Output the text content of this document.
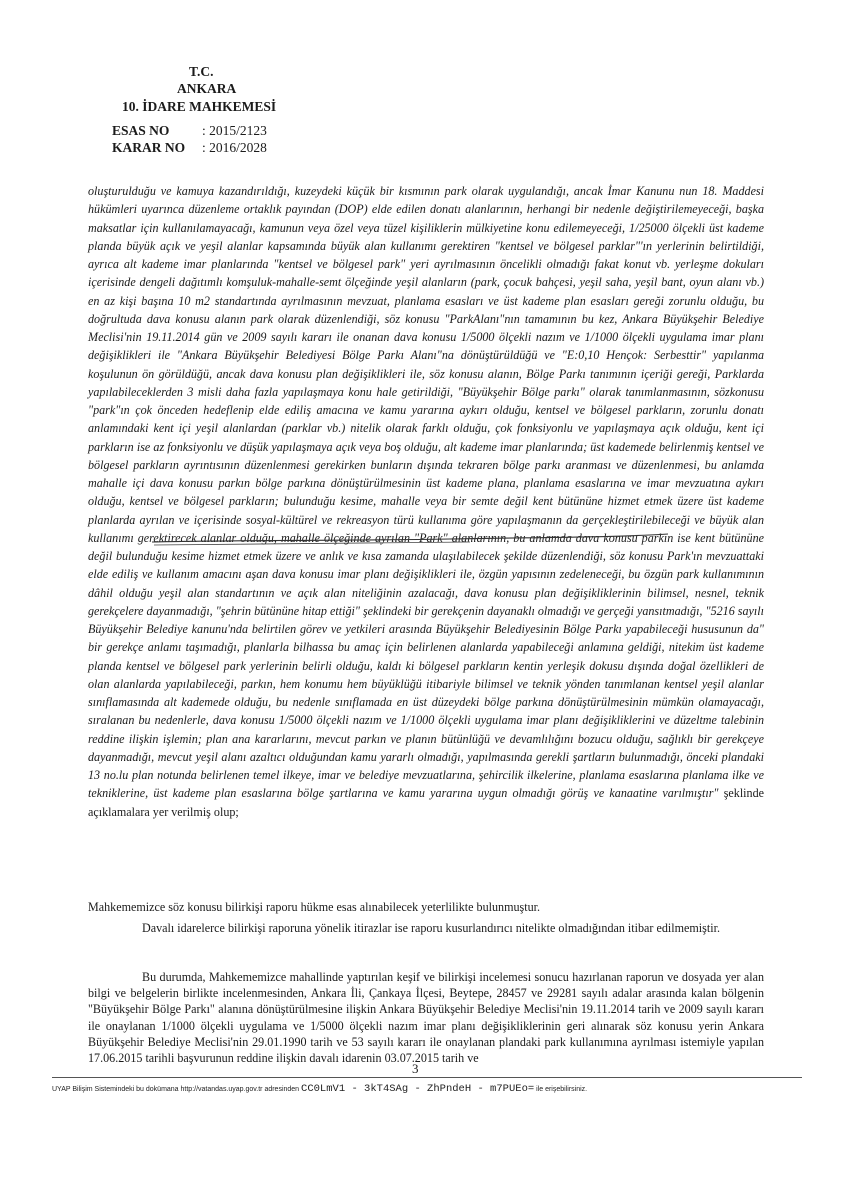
T.C.
ANKARA
10. İDARE MAHKEMESİ
ESAS NO : 2015/2123
KARAR NO : 2016/2028
oluşturulduğu ve kamuya kazandırıldığı, kuzeydeki küçük bir kısmının park olarak uygulandığı, ancak İmar Kanunu nun 18. Maddesi hükümleri uyarınca düzenleme ortaklık payından (DOP) elde edilen donatı alanlarının, herhangi bir nedenle değiştirilemeyeceği, başka maksatlar için kullanılamayacağı, kamunun veya özel veya tüzel kişiliklerin mülkiyetine konu edilemeyeceği, 1/25000 ölçekli üst kademe planda büyük açık ve yeşil alanlar kapsamında büyük alan kullanımı gerektiren "kentsel ve bölgesel parklar"'ın yerlerinin belirtildiği, ayrıca alt kademe imar planlarında "kentsel ve bölgesel park" yeri ayrılmasının öncelikli olmadığı fakat konut vb. yerleşme dokuları içerisinde dengeli dağıtımlı komşuluk-mahalle-semt ölçeğinde yeşil alanların (park, çocuk bahçesi, yeşil saha, yeşil bant, oyun alanı vb.) en az kişi başına 10 m2 standartında ayrılmasının mevzuat, planlama esasları ve üst kademe plan esasları gereği zorunlu olduğu, bu doğrultuda dava konusu alanın park olarak düzenlendiği, söz konusu "ParkAlanı"nın tamamının bu kez, Ankara Büyükşehir Belediye Meclisi'nin 19.11.2014 gün ve 2009 sayılı kararı ile onanan dava konusu 1/5000 ölçekli nazım ve 1/1000 ölçekli uygulama imar planı değişiklikleri ile "Ankara Büyükşehir Belediyesi Bölge Parkı Alanı"na dönüştürüldüğü ve "E:0,10 Hençok: Serbesttir" yapılanma koşulunun ön görüldüğü, ancak dava konusu plan değişiklikleri ile, söz konusu alanın, Bölge Parkı tanımının içeriği gereği, Parklarda yapılabileceklerden 3 misli daha fazla yapılaşmaya konu hale getirildiği, "Büyükşehir Bölge parkı" olarak tanımlanmasının, sözkonusu "park"ın çok önceden hedeflenip elde ediliş amacına ve kamu yararına aykırı olduğu, kentsel ve bölgesel parkların, zorunlu donatı anlamındaki kent içi yeşil alanlardan (parklar vb.) nitelik olarak farklı olduğu, çok fonksiyonlu ve yapılaşmaya açık olduğu, kent içi parkların ise az fonksiyonlu ve düşük yapılaşmaya açık veya boş olduğu, alt kademe imar planlarında; üst kademede belirlenmiş kentsel ve bölgesel parkların ayrıntısının düzenlenmesi gerekirken bunların dışında tekraren bölge parkı aranması ve düzenlenmesi, bu anlamda mahalle içi dava konusu parkın bölge parkına dönüştürülmesinin üst kademe plana, planlama esaslarına ve imar mevzuatına aykırı olduğu, kentsel ve bölgesel parkların; bulunduğu kesime, mahalle veya bir semte değil kent bütününe hizmet etmek üzere üst kademe planlarda ayrılan ve içerisinde sosyal-kültürel ve rekreasyon türü kullanıma göre yapılaşmanın da gerçekleştirilebileceği ve büyük alan kullanımı gerektirecek alanlar olduğu, mahalle ölçeğinde ayrılan "Park" alanlarının, bu anlamda dava konusu parkın ise kent bütününe değil bulunduğu kesime hizmet etmek üzere ve anlık ve kısa zamanda ulaşılabilecek şekilde düzenlendiği, söz konusu Park'ın mevzuattaki elde ediliş ve kullanım amacını aşan dava konusu imar planı değişiklikleri ile, özgün yapısının zedeleneceği, bu özgün park kullanımının dâhil olduğu yeşil alan standartının ve açık alan niteliğinin azalacağı, dava konusu plan değişikliklerinin bilimsel, nesnel, teknik gerekçelere dayanmadığı, "şehrin bütününe hitap ettiği" şeklindeki bir gerekçenin dayanaklı olmadığı ve gerçeği yansıtmadığı, "5216 sayılı Büyükşehir Belediye kanunu'nda belirtilen görev ve yetkileri arasında Büyükşehir Belediyesinin Bölge Parkı yapabileceği hususunun da" bir gerekçe anlamı taşımadığı, planlarla bilhassa bu amaç için belirlenen alanlarda yapabileceği anlamına geldiği, nitekim üst kademe planda kentsel ve bölgesel park yerlerinin belirli olduğu, kaldı ki bölgesel parkların kentin yerleşik dokusu dışında doğal özellikleri de olan alanlarda yapılabileceği, parkın, hem konumu hem büyüklüğü itibariyle bilimsel ve teknik yönden tanımlanan kentsel yeşil alanlar sınıflamasında alt kademede olduğu, bu nedenle sınıflamada en üst düzeydeki bölge parkına dönüştürülmesinin mümkün olamayacağı, sıralanan bu nedenlerle, dava konusu 1/5000 ölçekli nazım ve 1/1000 ölçekli uygulama imar planı değişikliklerini ve düzeltme talebinin reddine ilişkin işlemin; plan ana kararlarını, mevcut parkın ve planın bütünlüğü ve devamlılığını bozucu olduğu, sağlıklı bir gerekçeye dayanmadığı, mevcut yeşil alanı azaltıcı olduğundan kamu yararlı olmadığı, yapılmasında gerekli şartların bulunmadığı, önceki plandaki 13 no.lu plan notunda belirlenen temel ilkeye, imar ve belediye mevzuatlarına, şehircilik ilkelerine, planlama esaslarına planlama ilke ve tekniklerine, üst kademe plan esaslarına bölge şartlarına ve kamu yararına uygun olmadığı görüş ve kanaatine varılmıştır" şeklinde açıklamalara yer verilmiş olup;
Mahkememizce söz konusu bilirkişi raporu hükme esas alınabilecek yeterlilikte bulunmuştur.
Davalı idarelerce bilirkişi raporuna yönelik itirazlar ise raporu kusurlandırıcı nitelikte olmadığından itibar edilmemiştir.
Bu durumda, Mahkememizce mahallinde yaptırılan keşif ve bilirkişi incelemesi sonucu hazırlanan raporun ve dosyada yer alan bilgi ve belgelerin birlikte incelenmesinden, Ankara İli, Çankaya İlçesi, Beytepe, 28457 ve 29281 sayılı adalar arasında kalan bölgenin "Büyükşehir Bölge Parkı" alanına dönüştürülmesine ilişkin Ankara Büyükşehir Belediye Meclisi'nin 19.11.2014 tarih ve 2009 sayılı kararı ile onaylanan 1/1000 ölçekli uygulama ve 1/5000 ölçekli nazım imar planı değişikliklerinin geri alınarak söz konusu yerin Ankara Büyükşehir Belediye Meclisi'nin 29.01.1990 tarih ve 53 sayılı kararı ile onaylanan plandaki park kullanımına ayrılması istemiyle yapılan 17.06.2015 tarihli başvurunun reddine ilişkin davalı idarenin 03.07.2015 tarih ve
3
UYAP Bilişim Sistemindeki bu dokümana http://vatandas.uyap.gov.tr adresinden CC0LmV1 - 3kT4SAg - ZhPndeH - m7PUEo= ile erişebilirsiniz.
